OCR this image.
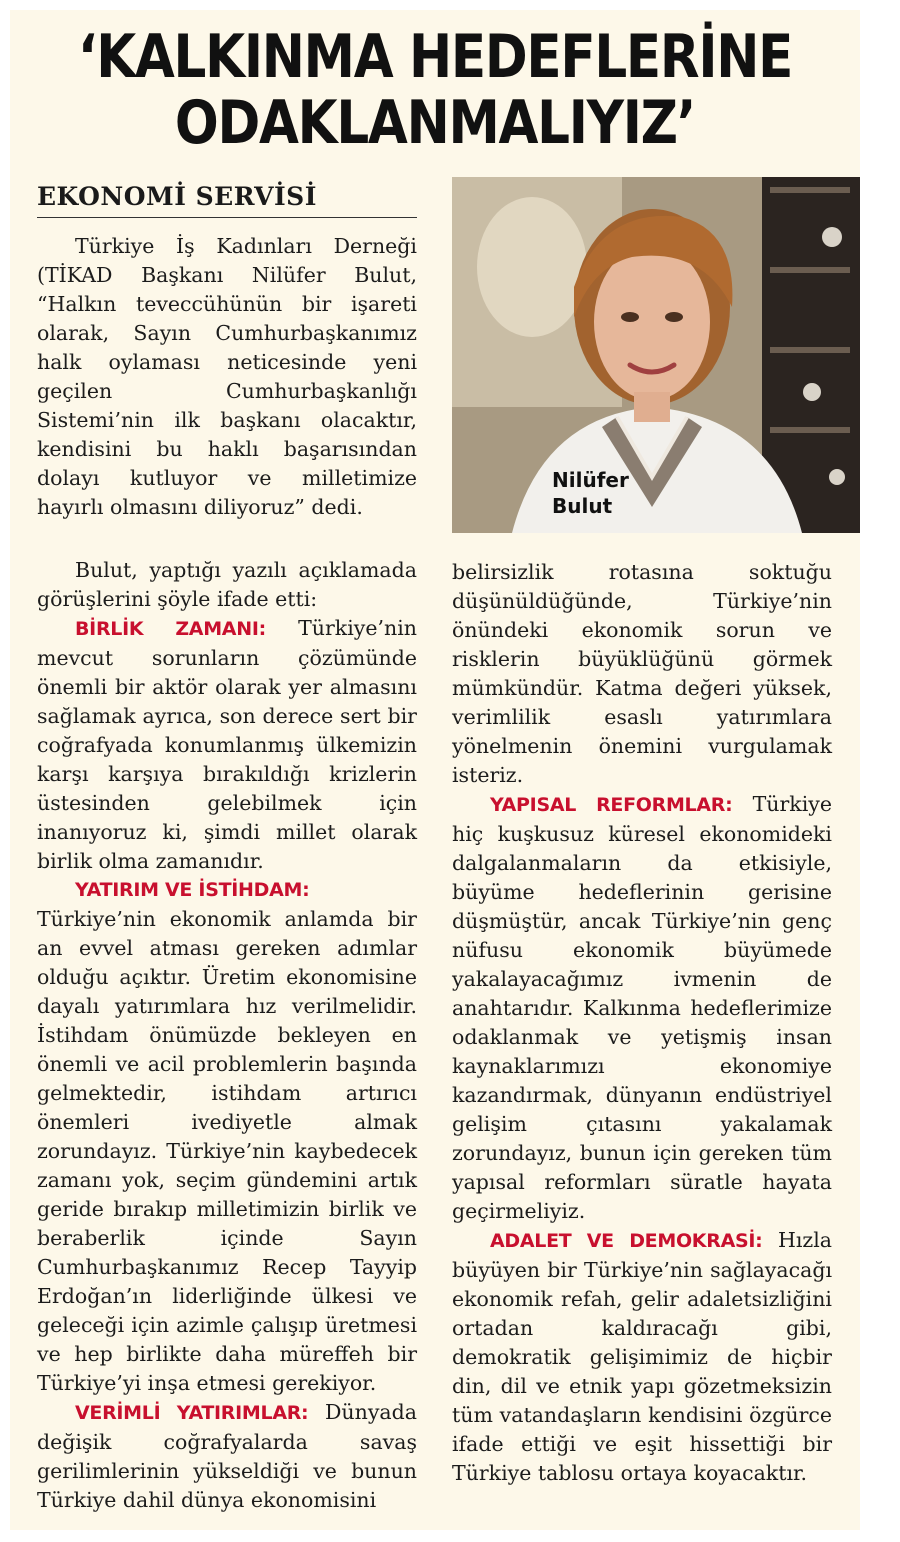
‘KALKINMA HEDEFLERİNE
ODAKLANMALIYIZ’
EKONOMİ SERVİSİ
Nilüfer
Bulut

Türkiye İş Kadınları Derneği (TİKAD Başkanı Nilüfer Bulut, “Halkın teveccühünün bir işareti olarak, Sayın Cumhurbaşkanımız halk oylaması neticesinde yeni geçilen Cumhurbaşkanlığı Sistemi’nin ilk başkanı olacaktır, kendisini bu haklı başarısından dolayı kutluyor ve milletimize hayırlı olmasını diliyoruz” dedi.

Bulut, yaptığı yazılı açıklamada görüşlerini şöyle ifade etti:

BİRLİK ZAMANI: Türkiye’nin mevcut sorunların çözümünde önemli bir aktör olarak yer almasını sağlamak ayrıca, son derece sert bir coğrafyada konumlanmış ülkemizin karşı karşıya bırakıldığı krizlerin üstesinden gelebilmek için inanıyoruz ki, şimdi millet olarak birlik olma zamanıdır.

YATIRIM VE İSTİHDAM:

Türkiye’nin ekonomik anlamda bir an evvel atması gereken adımlar olduğu açıktır. Üretim ekonomisine dayalı yatırımlara hız verilmelidir. İstihdam önümüzde bekleyen en önemli ve acil problemlerin başında gelmektedir, istihdam artırıcı önemleri ivediyetle almak zorundayız. Türkiye’nin kaybedecek zamanı yok, seçim gündemini artık geride bırakıp milletimizin birlik ve beraberlik içinde Sayın Cumhurbaşkanımız Recep Tayyip Erdoğan’ın liderliğinde ülkesi ve geleceği için azimle çalışıp üretmesi ve hep birlikte daha müreffeh bir Türkiye’yi inşa etmesi gerekiyor.

VERİMLİ YATIRIMLAR: Dünyada değişik coğrafyalarda savaş gerilimlerinin yükseldiği ve bunun Türkiye dahil dünya ekonomisini

belirsizlik rotasına soktuğu düşünüldüğünde, Türkiye’nin önündeki ekonomik sorun ve risklerin büyüklüğünü görmek mümkündür. Katma değeri yüksek, verimlilik esaslı yatırımlara yönelmenin önemini vurgulamak isteriz.

YAPISAL REFORMLAR: Türkiye hiç kuşkusuz küresel ekonomideki dalgalanmaların da etkisiyle, büyüme hedeflerinin gerisine düşmüştür, ancak Türkiye’nin genç nüfusu ekonomik büyümede yakalayacağımız ivmenin de anahtarıdır. Kalkınma hedeflerimize odaklanmak ve yetişmiş insan kaynaklarımızı ekonomiye kazandırmak, dünyanın endüstriyel gelişim çıtasını yakalamak zorundayız, bunun için gereken tüm yapısal reformları süratle hayata geçirmeliyiz.

ADALET VE DEMOKRASİ: Hızla büyüyen bir Türkiye’nin sağlayacağı ekonomik refah, gelir adaletsizliğini ortadan kaldıracağı gibi, demokratik gelişimimiz de hiçbir din, dil ve etnik yapı gözetmeksizin tüm vatandaşların kendisini özgürce ifade ettiği ve eşit hissettiği bir Türkiye tablosu ortaya koyacaktır.
